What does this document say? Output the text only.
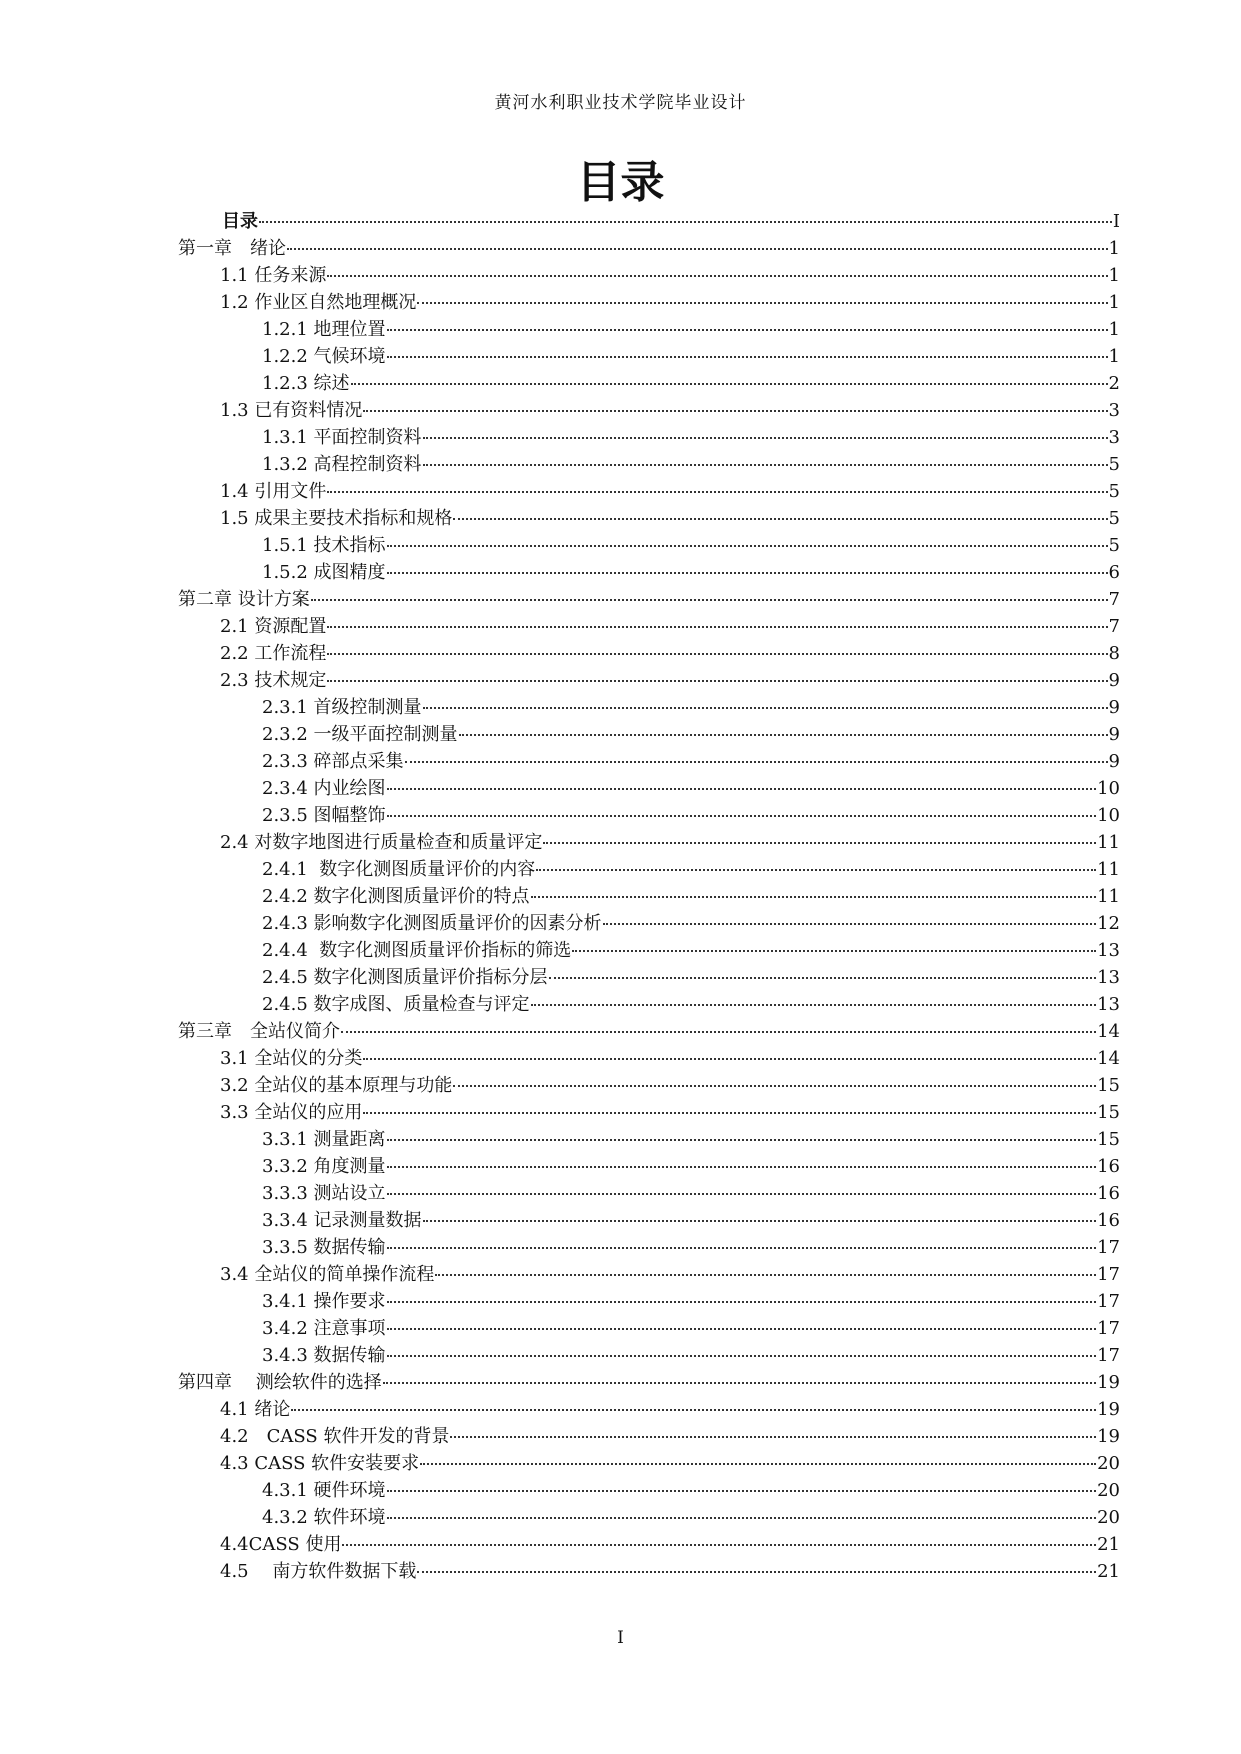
黄河水利职业技术学院毕业设计
目录
目录	I
第一章　绪论	1
1.1 任务来源	1
1.2 作业区自然地理概况	1
1.2.1 地理位置	1
1.2.2 气候环境	1
1.2.3 综述	2
1.3 已有资料情况	3
1.3.1 平面控制资料	3
1.3.2 高程控制资料	5
1.4 引用文件	5
1.5 成果主要技术指标和规格	5
1.5.1 技术指标	5
1.5.2 成图精度	6
第二章 设计方案	7
2.1 资源配置	7
2.2 工作流程	8
2.3 技术规定	9
2.3.1 首级控制测量	9
2.3.2 一级平面控制测量	9
2.3.3 碎部点采集	9
2.3.4 内业绘图	10
2.3.5 图幅整饰	10
2.4 对数字地图进行质量检查和质量评定	11
2.4.1  数字化测图质量评价的内容	11
2.4.2 数字化测图质量评价的特点	11
2.4.3 影响数字化测图质量评价的因素分析	12
2.4.4  数字化测图质量评价指标的筛选	13
2.4.5 数字化测图质量评价指标分层	13
2.4.5 数字成图、质量检查与评定	13
第三章　全站仪简介	14
3.1 全站仪的分类	14
3.2 全站仪的基本原理与功能	15
3.3 全站仪的应用	15
3.3.1 测量距离	15
3.3.2 角度测量	16
3.3.3 测站设立	16
3.3.4 记录测量数据	16
3.3.5 数据传输	17
3.4 全站仪的简单操作流程	17
3.4.1 操作要求	17
3.4.2 注意事项	17
3.4.3 数据传输	17
第四章　 测绘软件的选择	19
4.1 绪论	19
4.2　CASS 软件开发的背景	19
4.3 CASS 软件安装要求	20
4.3.1 硬件环境	20
4.3.2 软件环境	20
4.4CASS 使用	21
4.5　 南方软件数据下载	21
I
